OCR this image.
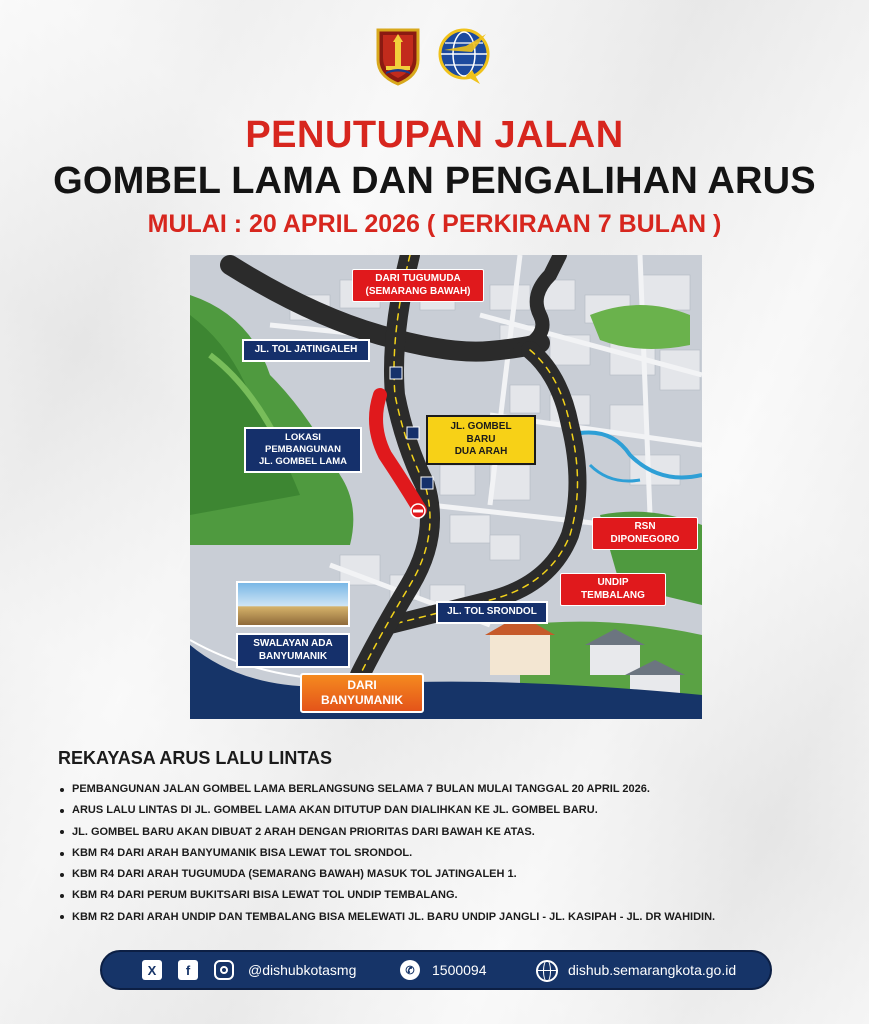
PENUTUPAN JALAN
GOMBEL LAMA DAN PENGALIHAN ARUS
MULAI : 20 APRIL 2026 ( PERKIRAAN 7 BULAN )
DARI TUGUMUDA
(SEMARANG BAWAH)
JL. TOL JATINGALEH
JL. GOMBEL BARU
DUA ARAH
LOKASI
PEMBANGUNAN
JL. GOMBEL LAMA
RSN
DIPONEGORO
UNDIP
TEMBALANG
JL. TOL SRONDOL
SWALAYAN ADA
BANYUMANIK
DARI
BANYUMANIK
REKAYASA ARUS LALU LINTAS
PEMBANGUNAN JALAN GOMBEL LAMA BERLANGSUNG SELAMA 7 BULAN MULAI TANGGAL 20 APRIL 2026.
ARUS LALU LINTAS DI JL. GOMBEL LAMA AKAN DITUTUP DAN DIALIHKAN KE JL. GOMBEL BARU.
JL. GOMBEL BARU AKAN DIBUAT 2 ARAH DENGAN PRIORITAS DARI BAWAH KE ATAS.
KBM R4 DARI ARAH BANYUMANIK BISA LEWAT TOL SRONDOL.
KBM R4 DARI ARAH TUGUMUDA (SEMARANG BAWAH) MASUK TOL JATINGALEH 1.
KBM R4 DARI PERUM BUKITSARI BISA LEWAT TOL UNDIP TEMBALANG.
KBM R2 DARI ARAH UNDIP DAN TEMBALANG BISA MELEWATI JL. BARU UNDIP JANGLI - JL. KASIPAH - JL. DR WAHIDIN.
X	f	@dishubkotasmg	✆	1500094	dishub.semarangkota.go.id
